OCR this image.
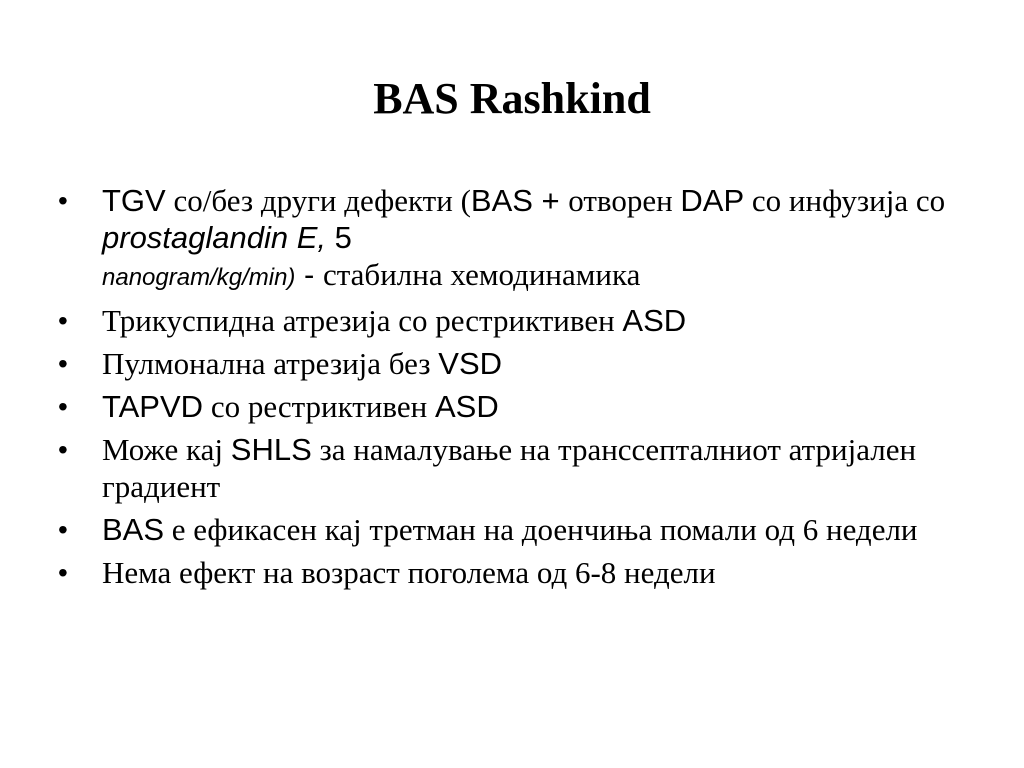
BAS Rashkind
•	TGV со/без други дефекти (BAS + отворен DAP со инфузија со prostaglandin E, 5
nanogram/kg/min) - стабилна хемодинамика
•	Трикуспидна атрезија со рестриктивен ASD
•	Пулмонална атрезија без VSD
•	TAPVD со рестриктивен ASD
•	Може кај SHLS за намалување на трансcепталниот атријален градиент
•	BAS е ефикасен кај третман на доенчиња помали од 6 недели
•	Нема ефект на возраст поголема од 6-8 недели
